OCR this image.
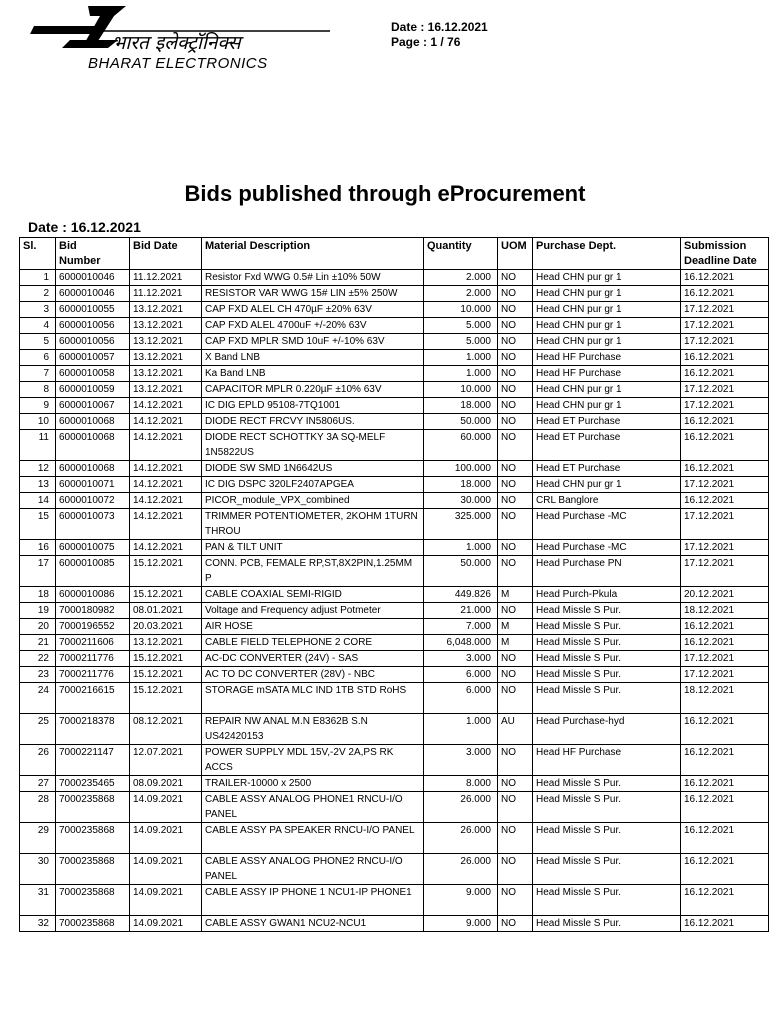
भारत इलेक्ट्रॉनिक्स
BHARAT ELECTRONICS
Date : 16.12.2021
Page : 1 / 76
Bids published through eProcurement
Date : 16.12.2021
Sl.	Bid
Number	Bid Date	Material Description	Quantity	UOM	Purchase Dept.	Submission
Deadline Date
1	6000010046	11.12.2021	Resistor Fxd WWG 0.5# Lin ±10% 50W	2.000	NO	Head CHN pur gr 1	16.12.2021
2	6000010046	11.12.2021	RESISTOR VAR WWG 15# LIN ±5% 250W	2.000	NO	Head CHN pur gr 1	16.12.2021
3	6000010055	13.12.2021	CAP FXD ALEL CH 470µF ±20% 63V	10.000	NO	Head CHN pur gr 1	17.12.2021
4	6000010056	13.12.2021	CAP FXD ALEL 4700uF +/-20% 63V	5.000	NO	Head CHN pur gr 1	17.12.2021
5	6000010056	13.12.2021	CAP FXD MPLR SMD 10uF +/-10% 63V	5.000	NO	Head CHN pur gr 1	17.12.2021
6	6000010057	13.12.2021	X Band LNB	1.000	NO	Head HF Purchase	16.12.2021
7	6000010058	13.12.2021	Ka Band LNB	1.000	NO	Head HF Purchase	16.12.2021
8	6000010059	13.12.2021	CAPACITOR MPLR 0.220µF ±10% 63V	10.000	NO	Head CHN pur gr 1	17.12.2021
9	6000010067	14.12.2021	IC DIG EPLD 95108-7TQ1001	18.000	NO	Head CHN pur gr 1	17.12.2021
10	6000010068	14.12.2021	DIODE RECT FRCVY IN5806US.	50.000	NO	Head ET Purchase	16.12.2021
11	6000010068	14.12.2021	DIODE RECT SCHOTTKY 3A SQ-MELF 1N5822US	60.000	NO	Head ET Purchase	16.12.2021
12	6000010068	14.12.2021	DIODE SW SMD 1N6642US	100.000	NO	Head ET Purchase	16.12.2021
13	6000010071	14.12.2021	IC DIG DSPC 320LF2407APGEA	18.000	NO	Head CHN pur gr 1	17.12.2021
14	6000010072	14.12.2021	PICOR_module_VPX_combined	30.000	NO	CRL Banglore	16.12.2021
15	6000010073	14.12.2021	TRIMMER POTENTIOMETER, 2KOHM 1TURN THROU	325.000	NO	Head Purchase -MC	17.12.2021
16	6000010075	14.12.2021	PAN & TILT UNIT	1.000	NO	Head Purchase -MC	17.12.2021
17	6000010085	15.12.2021	CONN. PCB, FEMALE RP,ST,8X2PIN,1.25MM P	50.000	NO	Head Purchase PN	17.12.2021
18	6000010086	15.12.2021	CABLE COAXIAL SEMI-RIGID	449.826	M	Head Purch-Pkula	20.12.2021
19	7000180982	08.01.2021	Voltage and Frequency adjust Potmeter	21.000	NO	Head Missle S Pur.	18.12.2021
20	7000196552	20.03.2021	AIR HOSE	7.000	M	Head Missle S Pur.	16.12.2021
21	7000211606	13.12.2021	CABLE FIELD TELEPHONE 2 CORE	6,048.000	M	Head Missle S Pur.	16.12.2021
22	7000211776	15.12.2021	AC-DC CONVERTER (24V) - SAS	3.000	NO	Head Missle S Pur.	17.12.2021
23	7000211776	15.12.2021	AC TO DC CONVERTER (28V) - NBC	6.000	NO	Head Missle S Pur.	17.12.2021
24	7000216615	15.12.2021	STORAGE mSATA MLC IND 1TB STD RoHS	6.000	NO	Head Missle S Pur.	18.12.2021
25	7000218378	08.12.2021	REPAIR NW ANAL M.N E8362B S.N US42420153	1.000	AU	Head Purchase-hyd	16.12.2021
26	7000221147	12.07.2021	POWER SUPPLY MDL 15V,-2V 2A,PS RK ACCS	3.000	NO	Head HF Purchase	16.12.2021
27	7000235465	08.09.2021	TRAILER-10000 x 2500	8.000	NO	Head Missle S Pur.	16.12.2021
28	7000235868	14.09.2021	CABLE ASSY ANALOG PHONE1 RNCU-I/O PANEL	26.000	NO	Head Missle S Pur.	16.12.2021
29	7000235868	14.09.2021	CABLE ASSY PA SPEAKER RNCU-I/O PANEL	26.000	NO	Head Missle S Pur.	16.12.2021
30	7000235868	14.09.2021	CABLE ASSY ANALOG PHONE2 RNCU-I/O PANEL	26.000	NO	Head Missle S Pur.	16.12.2021
31	7000235868	14.09.2021	CABLE ASSY IP PHONE 1 NCU1-IP PHONE1	9.000	NO	Head Missle S Pur.	16.12.2021
32	7000235868	14.09.2021	CABLE ASSY GWAN1 NCU2-NCU1	9.000	NO	Head Missle S Pur.	16.12.2021
